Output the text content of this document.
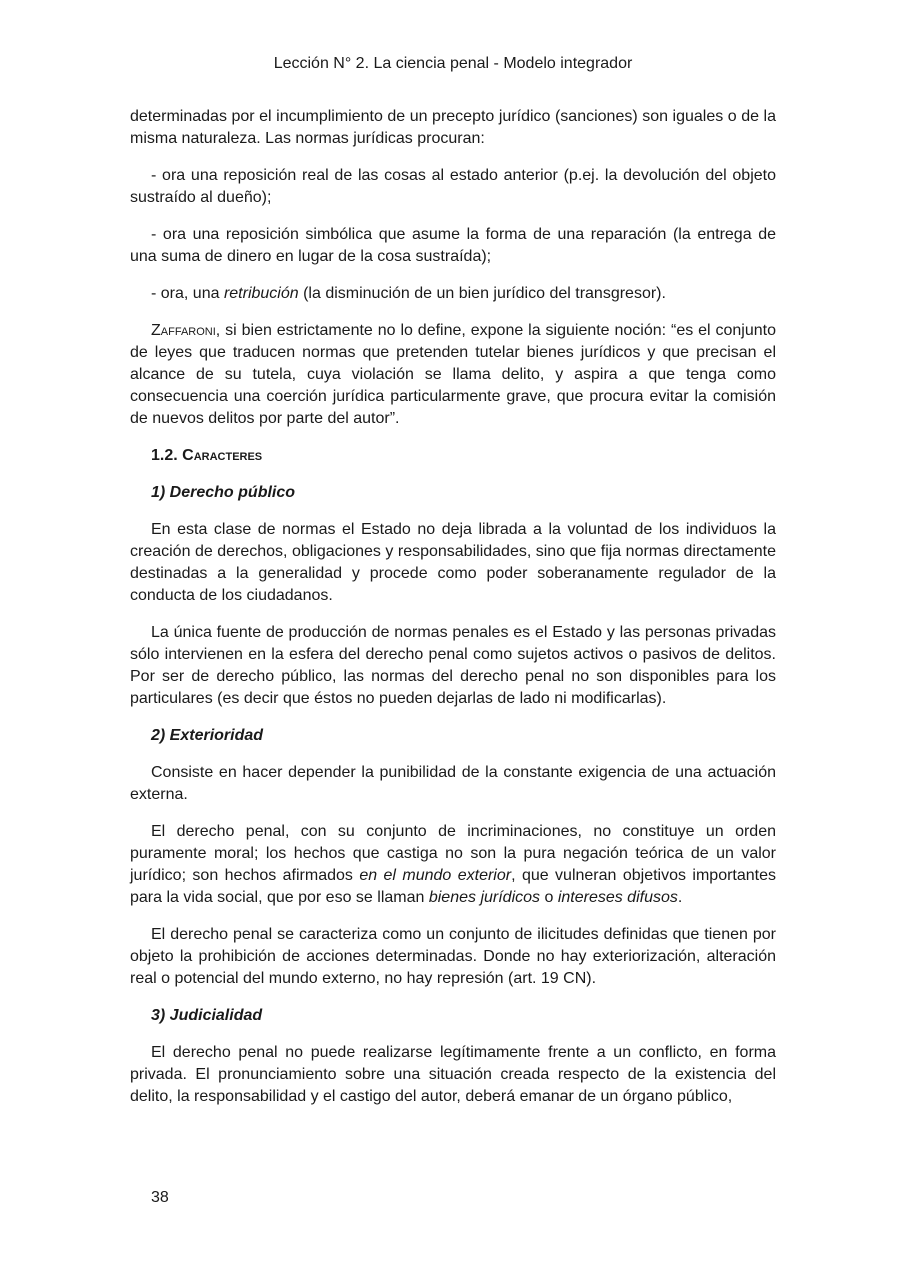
Lección N° 2. La ciencia penal - Modelo integrador

determinadas por el incumplimiento de un precepto jurídico (sanciones) son iguales o de la misma naturaleza. Las normas jurídicas procuran:

- ora una reposición real de las cosas al estado anterior (p.ej. la devolución del objeto sustraído al dueño);

- ora una reposición simbólica que asume la forma de una reparación (la entrega de una suma de dinero en lugar de la cosa sustraída);

- ora, una retribución (la disminución de un bien jurídico del transgresor).

Zaffaroni, si bien estrictamente no lo define, expone la siguiente noción: “es el conjunto de leyes que traducen normas que pretenden tutelar bienes jurídicos y que precisan el alcance de su tutela, cuya violación se llama delito, y aspira a que tenga como consecuencia una coerción jurídica particularmente grave, que procura evitar la comisión de nuevos delitos por parte del autor”.

1.2. Caracteres

1) Derecho público

En esta clase de normas el Estado no deja librada a la voluntad de los individuos la creación de derechos, obligaciones y responsabilidades, sino que fija normas directamente destinadas a la generalidad y procede como poder soberanamente regulador de la conducta de los ciudadanos.

La única fuente de producción de normas penales es el Estado y las personas privadas sólo intervienen en la esfera del derecho penal como sujetos activos o pasivos de delitos. Por ser de derecho público, las normas del derecho penal no son disponibles para los particulares (es decir que éstos no pueden dejarlas de lado ni modificarlas).

2) Exterioridad

Consiste en hacer depender la punibilidad de la constante exigencia de una actuación externa.

El derecho penal, con su conjunto de incriminaciones, no constituye un orden puramente moral; los hechos que castiga no son la pura negación teórica de un valor jurídico; son hechos afirmados en el mundo exterior, que vulneran objetivos importantes para la vida social, que por eso se llaman bienes jurídicos o intereses difusos.

El derecho penal se caracteriza como un conjunto de ilicitudes definidas que tienen por objeto la prohibición de acciones determinadas. Donde no hay exteriorización, alteración real o potencial del mundo externo, no hay represión (art. 19 CN).

3) Judicialidad

El derecho penal no puede realizarse legítimamente frente a un conflicto, en forma privada. El pronunciamiento sobre una situación creada respecto de la existencia del delito, la responsabilidad y el castigo del autor, deberá emanar de un órgano público,

38
